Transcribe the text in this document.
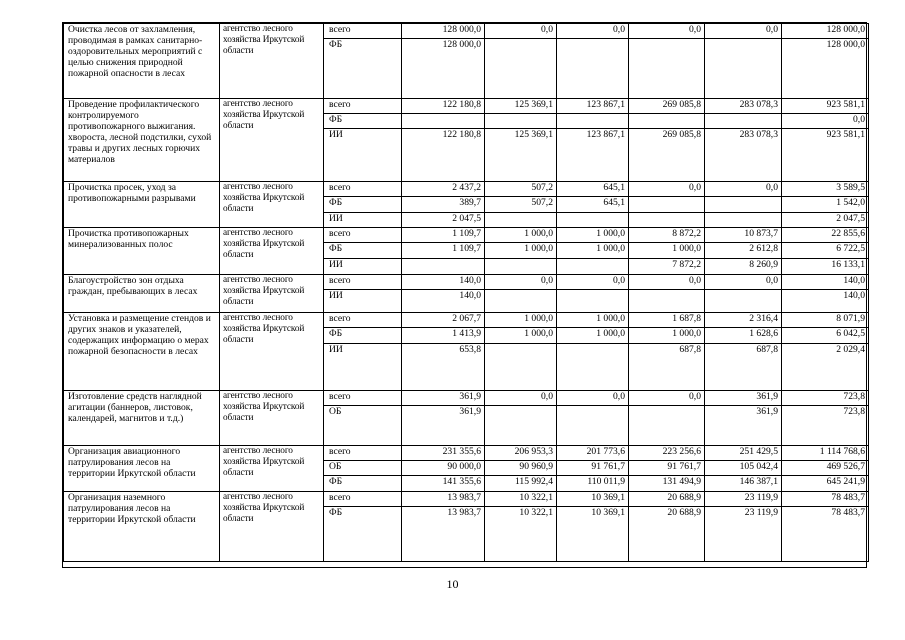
Очистка лесов от захламления, проводимая в рамках санитарно-оздоровительных мероприятий с целью снижения природной пожарной опасности в лесах	агентство лесного хозяйства Иркутской области	всего	128 000,0	0,0	0,0	0,0	0,0	128 000,0
		ФБ	128 000,0					128 000,0
Проведение профилактического контролируемого противопожарного выжигания. хвороста, лесной подстилки, сухой травы и других лесных горючих материалов	агентство лесного хозяйства Иркутской области	всего	122 180,8	125 369,1	123 867,1	269 085,8	283 078,3	923 581,1
		ФБ						0,0
		ИИ	122 180,8	125 369,1	123 867,1	269 085,8	283 078,3	923 581,1
Прочистка просек, уход за противопожарными разрывами	агентство лесного хозяйства Иркутской области	всего	2 437,2	507,2	645,1	0,0	0,0	3 589,5
		ФБ	389,7	507,2	645,1			1 542,0
		ИИ	2 047,5					2 047,5
Прочистка противопожарных минерализованных полос	агентство лесного хозяйства Иркутской области	всего	1 109,7	1 000,0	1 000,0	8 872,2	10 873,7	22 855,6
		ФБ	1 109,7	1 000,0	1 000,0	1 000,0	2 612,8	6 722,5
		ИИ				7 872,2	8 260,9	16 133,1
Благоустройство зон отдыха граждан, пребывающих в лесах	агентство лесного хозяйства Иркутской области	всего	140,0	0,0	0,0	0,0	0,0	140,0
		ИИ	140,0					140,0
Установка и размещение стендов и других знаков и указателей, содержащих информацию о мерах пожарной безопасности в лесах	агентство лесного хозяйства Иркутской области	всего	2 067,7	1 000,0	1 000,0	1 687,8	2 316,4	8 071,9
		ФБ	1 413,9	1 000,0	1 000,0	1 000,0	1 628,6	6 042,5
		ИИ	653,8			687,8	687,8	2 029,4
Изготовление средств наглядной агитации (баннеров, листовок, календарей, магнитов и т.д.)	агентство лесного хозяйства Иркутской области	всего	361,9	0,0	0,0	0,0	361,9	723,8
		ОБ	361,9				361,9	723,8
Организация авиационного патрулирования лесов на территории Иркутской области	агентство лесного хозяйства Иркутской области	всего	231 355,6	206 953,3	201 773,6	223 256,6	251 429,5	1 114 768,6
		ОБ	90 000,0	90 960,9	91 761,7	91 761,7	105 042,4	469 526,7
		ФБ	141 355,6	115 992,4	110 011,9	131 494,9	146 387,1	645 241,9
Организация наземного патрулирования лесов на территории Иркутской области	агентство лесного хозяйства Иркутской области	всего	13 983,7	10 322,1	10 369,1	20 688,9	23 119,9	78 483,7
		ФБ	13 983,7	10 322,1	10 369,1	20 688,9	23 119,9	78 483,7
10
